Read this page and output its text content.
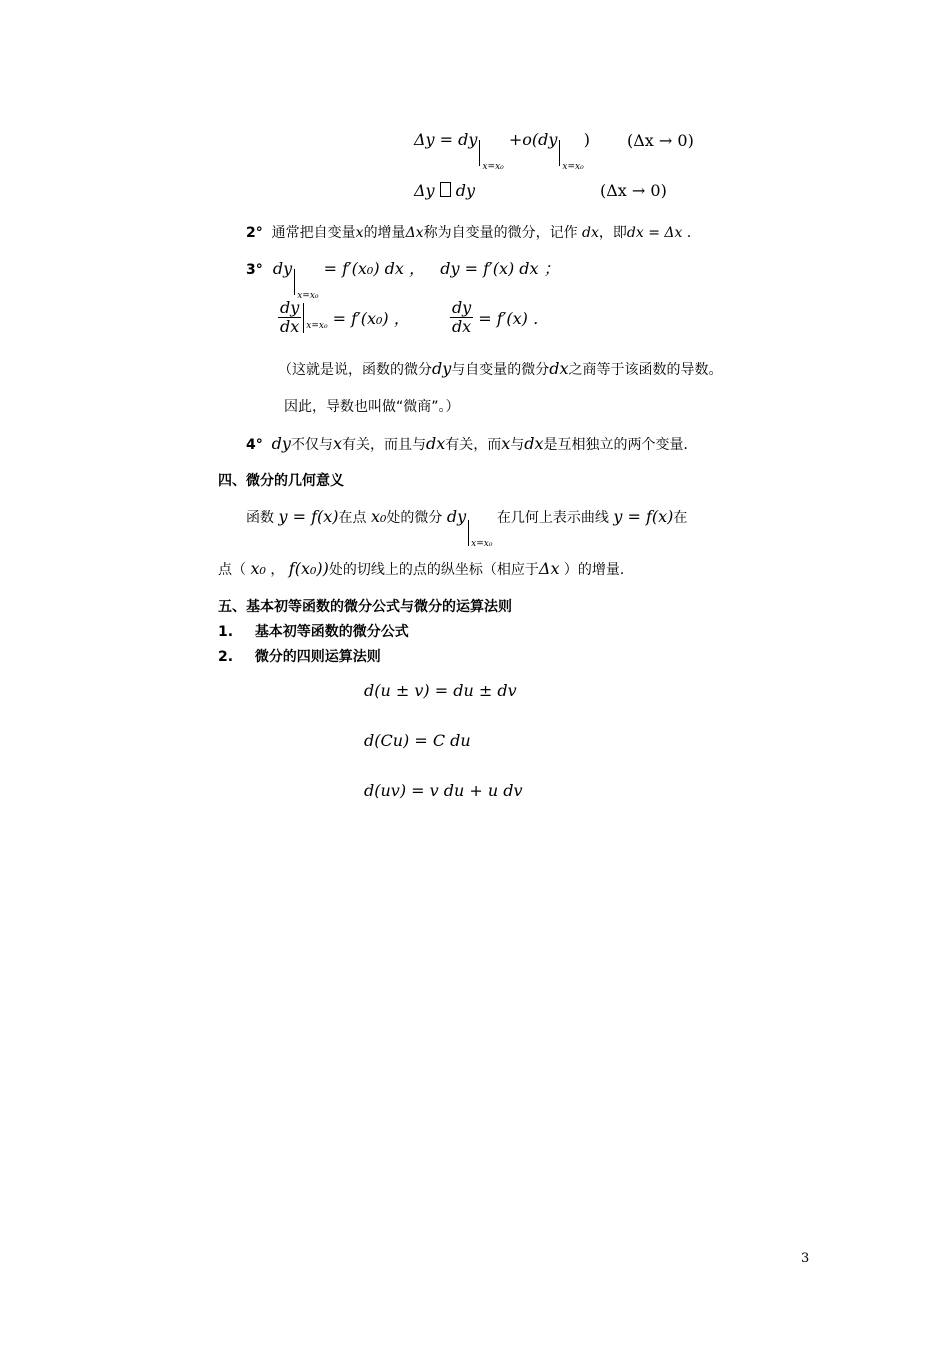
$\Delta y = dy_{x=x_0} +o(dy_{x=x_0}) (\Delta x \to 0)$
Δy dy	(Δx → 0)
2° 通常把自变量x的增量Δx称为自变量的微分，记作 dx，即dx = Δx ．
3° $dy_{x=x_0} = f'(x_0)$ dx ， dy = f′(x) dx ；
$\frac{dy}{dx} _{x=x_0} = f'(x_0)$ ，	$\frac{dy}{dx} = f'(x)$ ．
（这就是说，函数的微分dy与自变量的微分dx之商等于该函数的导数。
因此，导数也叫做“微商”。）
4° dy不仅与x有关，而且与dx有关，而x与dx是互相独立的两个变量．
四、微分的几何意义
函数 y = f(x)在点 x₀处的微分 $dy_{x=x_0}$ 在几何上表示曲线 y = f(x)在
点（ x₀ ， f(x₀))处的切线上的点的纵坐标（相应于Δx ）的增量．
五、基本初等函数的微分公式与微分的运算法则
1. 基本初等函数的微分公式
2. 微分的四则运算法则
d(u ± v) = du ± dv
d(Cu) = C du
d(uv) = v du + u dv
3
